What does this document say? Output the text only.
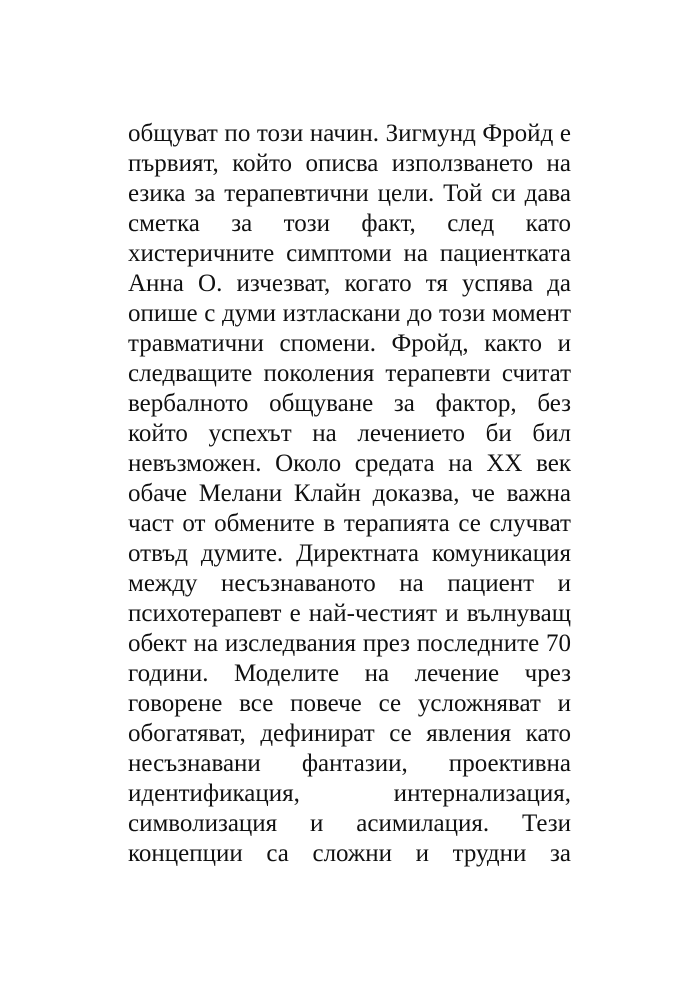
общуват по този начин. Зигмунд Фройд е
първият, който описва използването на
езика за терапевтични цели. Той си дава
сметка за този факт, след като
хистеричните симптоми на пациентката
Анна О. изчезват, когато тя успява да
опише с думи изтласкани до този момент
травматични спомени. Фройд, както и
следващите поколения терапевти считат
вербалното общуване за фактор, без
който успехът на лечението би бил
невъзможен. Около средата на XX век
обаче Мелани Клайн доказва, че важна
част от обмените в терапията се случват
отвъд думите. Директната комуникация
между несъзнаваното на пациент и
психотерапевт е най-честият и вълнуващ
обект на изследвания през последните 70
години. Моделите на лечение чрез
говорене все повече се усложняват и
обогатяват, дефинират се явления като
несъзнавани фантазии, проективна
идентификация, интернализация,
символизация и асимилация. Тези
концепции са сложни и трудни за
